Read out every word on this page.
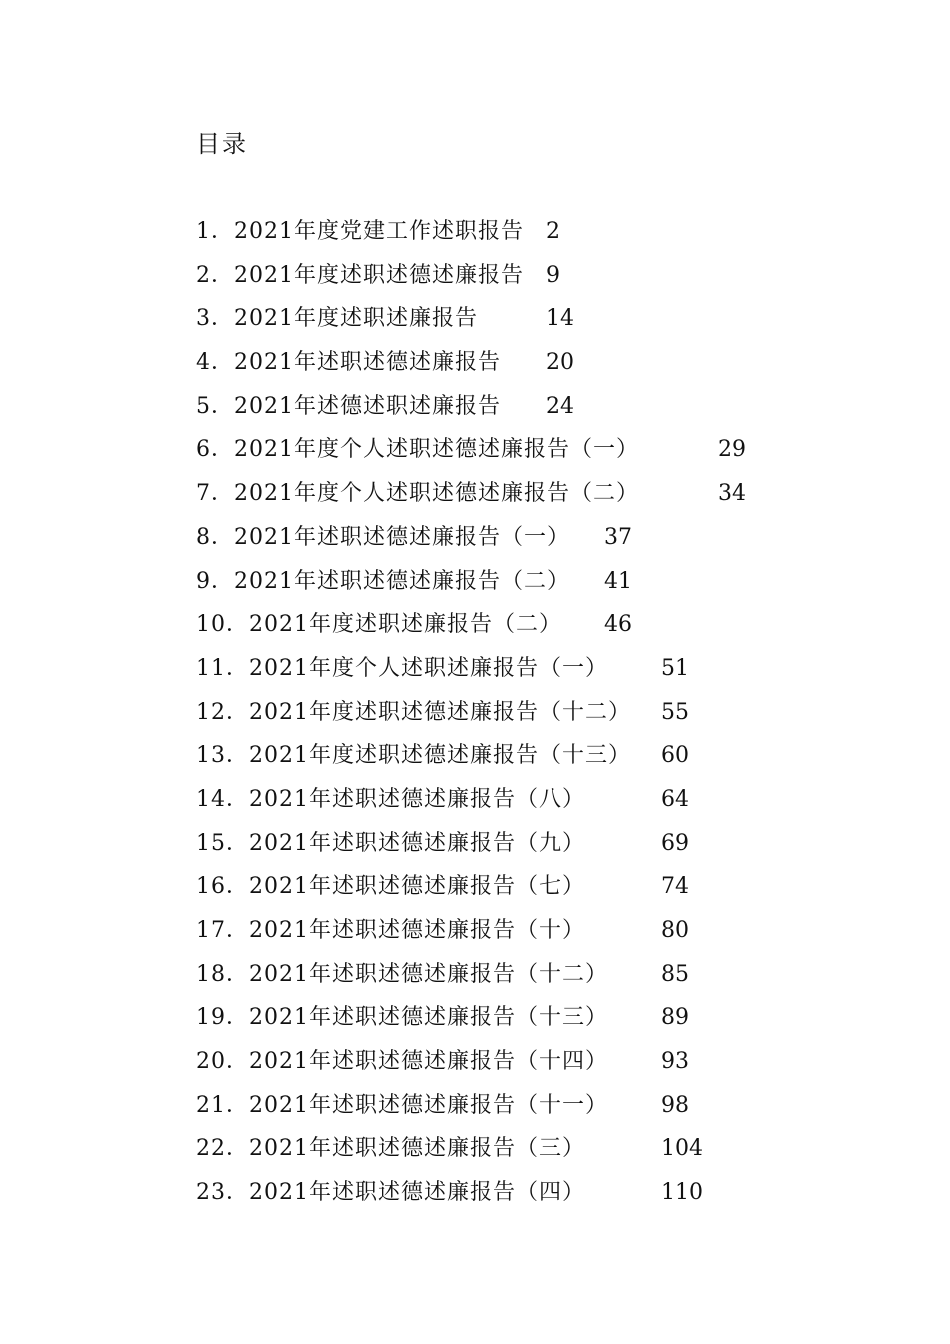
目录
1．2021年度党建工作述职报告 2
2．2021年度述职述德述廉报告 9
3．2021年度述职述廉报告	14
4．2021年述职述德述廉报告 20
5．2021年述德述职述廉报告 24
6．2021年度个人述职述德述廉报告（一）	29
7．2021年度个人述职述德述廉报告（二）	34
8．2021年述职述德述廉报告（一） 37
9．2021年述职述德述廉报告（二） 41
10．2021年度述职述廉报告（二） 46
11．2021年度个人述职述廉报告（一） 51
12．2021年度述职述德述廉报告（十二） 55
13．2021年度述职述德述廉报告（十三） 60
14．2021年述职述德述廉报告（八）	64
15．2021年述职述德述廉报告（九）	69
16．2021年述职述德述廉报告（七）	74
17．2021年述职述德述廉报告（十）	80
18．2021年述职述德述廉报告（十二） 85
19．2021年述职述德述廉报告（十三） 89
20．2021年述职述德述廉报告（十四） 93
21．2021年述职述德述廉报告（十一） 98
22．2021年述职述德述廉报告（三）	104
23．2021年述职述德述廉报告（四）	110
